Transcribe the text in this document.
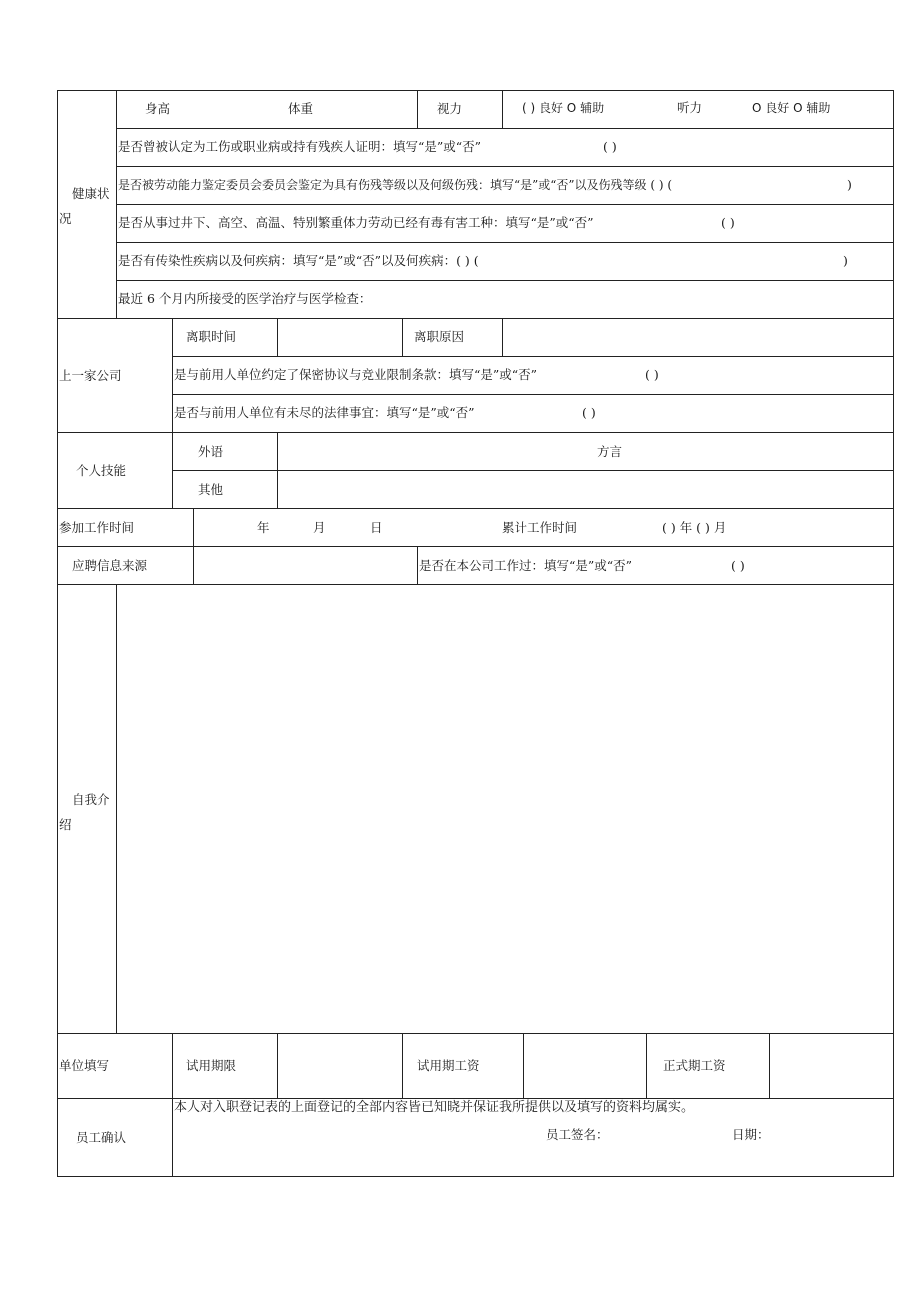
健康状
况
身高	体重	视力	( ) 良好 O 辅助	听力	O 良好 O 辅助
是否曾被认定为工伤或职业病或持有残疾人证明：填写“是”或“否”	( )
是否被劳动能力鉴定委员会委员会鉴定为具有伤残等级以及何级伤残：填写“是”或“否”以及伤残等级 ( ) (	)
是否从事过井下、高空、高温、特别繁重体力劳动已经有毒有害工种：填写“是”或“否”	( )
是否有传染性疾病以及何疾病：填写“是”或“否”以及何疾病：( ) (	)
最近 6 个月内所接受的医学治疗与医学检查：
上一家公司
离职时间	离职原因
是与前用人单位约定了保密协议与竞业限制条款：填写“是”或“否”	( )
是否与前用人单位有未尽的法律事宜：填写“是”或“否”	( )
个人技能
外语	方言
其他
参加工作时间	年	月	日	累计工作时间	( ) 年 ( ) 月
应聘信息来源	是否在本公司工作过：填写“是”或“否”	( )
自我介
绍
单位填写	试用期限	试用期工资	正式期工资
员工确认
本人对入职登记表的上面登记的全部内容皆已知晓并保证我所提供以及填写的资料均属实。
员工签名：	日期：
